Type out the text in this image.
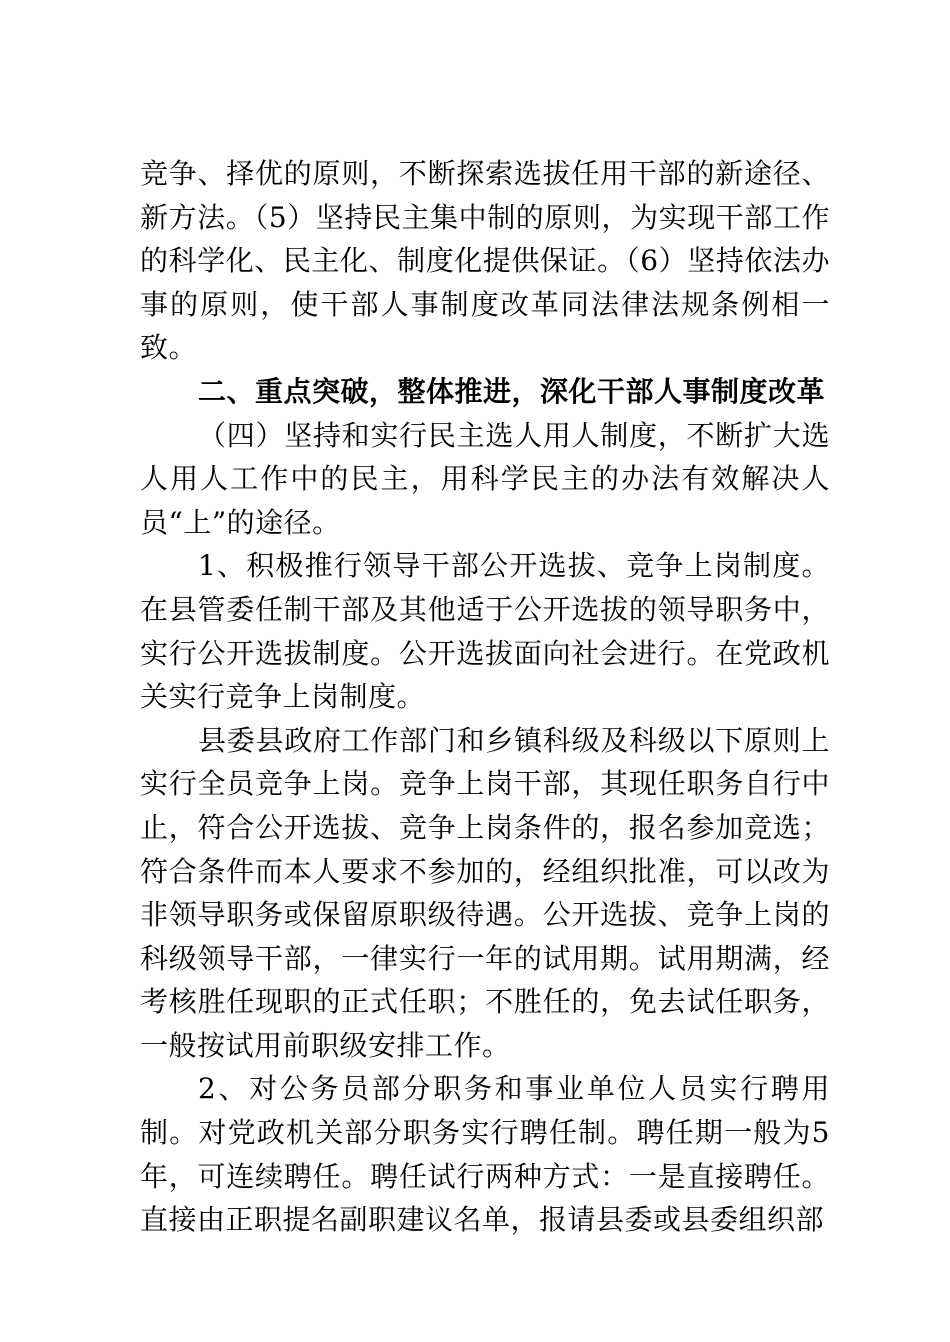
竞争、择优的原则，不断探索选拔任用干部的新途径、新方法。（5）坚持民主集中制的原则，为实现干部工作的科学化、民主化、制度化提供保证。（6）坚持依法办事的原则，使干部人事制度改革同法律法规条例相一致。

二、重点突破，整体推进，深化干部人事制度改革

（四）坚持和实行民主选人用人制度，不断扩大选人用人工作中的民主，用科学民主的办法有效解决人员“上”的途径。

1、积极推行领导干部公开选拔、竞争上岗制度。在县管委任制干部及其他适于公开选拔的领导职务中，实行公开选拔制度。公开选拔面向社会进行。在党政机关实行竞争上岗制度。

县委县政府工作部门和乡镇科级及科级以下原则上实行全员竞争上岗。竞争上岗干部，其现任职务自行中止，符合公开选拔、竞争上岗条件的，报名参加竞选；符合条件而本人要求不参加的，经组织批准，可以改为非领导职务或保留原职级待遇。公开选拔、竞争上岗的科级领导干部，一律实行一年的试用期。试用期满，经考核胜任现职的正式任职；不胜任的，免去试任职务，一般按试用前职级安排工作。

2、对公务员部分职务和事业单位人员实行聘用制。对党政机关部分职务实行聘任制。聘任期一般为5年，可连续聘任。聘任试行两种方式：一是直接聘任。直接由正职提名副职建议名单，报请县委或县委组织部
